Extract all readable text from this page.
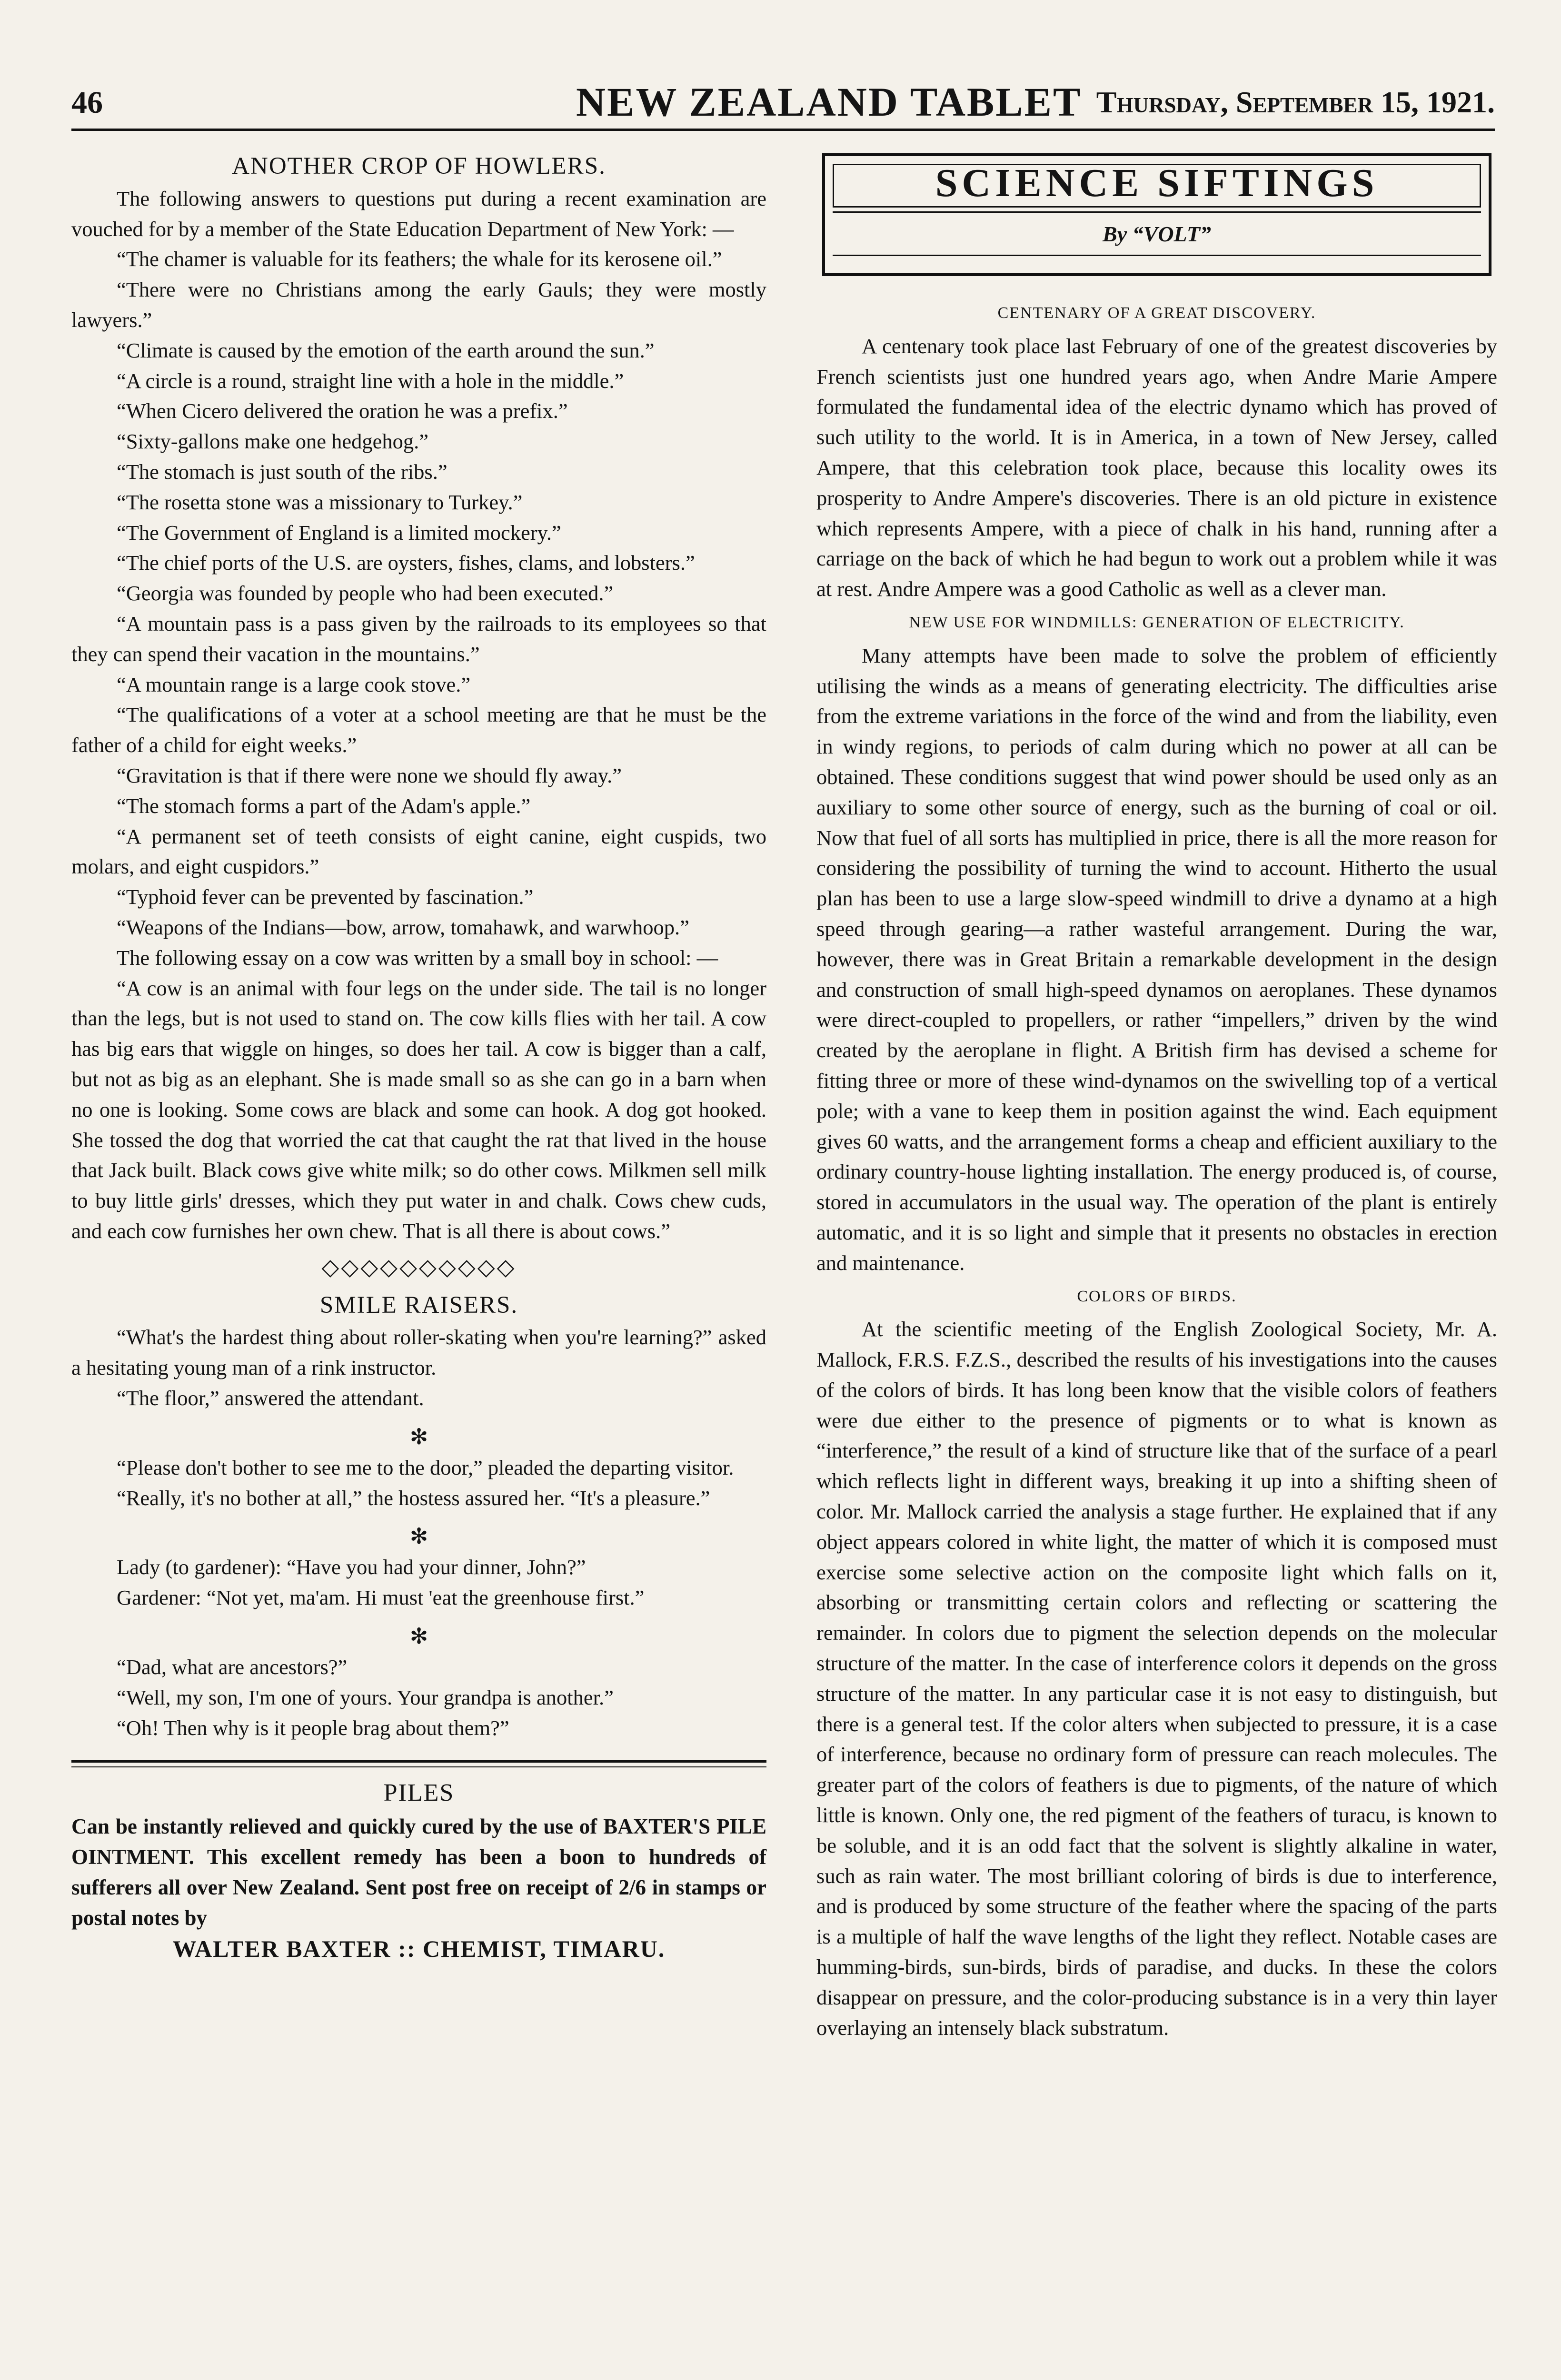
46	NEW ZEALAND TABLET Thursday, September 15, 1921.
ANOTHER CROP OF HOWLERS.

The following answers to questions put during a recent examination are vouched for by a member of the State Education Department of New York: —

“The chamer is valuable for its feathers; the whale for its kerosene oil.”

“There were no Christians among the early Gauls; they were mostly lawyers.”

“Climate is caused by the emotion of the earth around the sun.”

“A circle is a round, straight line with a hole in the middle.”

“When Cicero delivered the oration he was a prefix.”

“Sixty-gallons make one hedgehog.”

“The stomach is just south of the ribs.”

“The rosetta stone was a missionary to Turkey.”

“The Government of England is a limited mockery.”

“The chief ports of the U.S. are oysters, fishes, clams, and lobsters.”

“Georgia was founded by people who had been executed.”

“A mountain pass is a pass given by the railroads to its employees so that they can spend their vacation in the mountains.”

“A mountain range is a large cook stove.”

“The qualifications of a voter at a school meeting are that he must be the father of a child for eight weeks.”

“Gravitation is that if there were none we should fly away.”

“The stomach forms a part of the Adam's apple.”

“A permanent set of teeth consists of eight canine, eight cuspids, two molars, and eight cuspidors.”

“Typhoid fever can be prevented by fascination.”

“Weapons of the Indians—bow, arrow, tomahawk, and warwhoop.”

The following essay on a cow was written by a small boy in school: —

“A cow is an animal with four legs on the under side. The tail is no longer than the legs, but is not used to stand on. The cow kills flies with her tail. A cow has big ears that wiggle on hinges, so does her tail. A cow is bigger than a calf, but not as big as an elephant. She is made small so as she can go in a barn when no one is looking. Some cows are black and some can hook. A dog got hooked. She tossed the dog that worried the cat that caught the rat that lived in the house that Jack built. Black cows give white milk; so do other cows. Milkmen sell milk to buy little girls' dresses, which they put water in and chalk. Cows chew cuds, and each cow furnishes her own chew. That is all there is about cows.”

◇◇◇◇◇◇◇◇◇◇
SMILE RAISERS.

“What's the hardest thing about roller-skating when you're learning?” asked a hesitating young man of a rink instructor.

“The floor,” answered the attendant.

✻

“Please don't bother to see me to the door,” pleaded the departing visitor.

“Really, it's no bother at all,” the hostess assured her. “It's a pleasure.”

✻

Lady (to gardener): “Have you had your dinner, John?”

Gardener: “Not yet, ma'am. Hi must 'eat the greenhouse first.”

✻

“Dad, what are ancestors?”

“Well, my son, I'm one of yours. Your grandpa is another.”

“Oh! Then why is it people brag about them?”

PILES

Can be instantly relieved and quickly cured by the use of BAXTER'S PILE OINTMENT. This excellent remedy has been a boon to hundreds of sufferers all over New Zealand. Sent post free on receipt of 2/6 in stamps or postal notes by

WALTER BAXTER :: CHEMIST, TIMARU.
SCIENCE SIFTINGS
By “VOLT”
CENTENARY OF A GREAT DISCOVERY.

A centenary took place last February of one of the greatest discoveries by French scientists just one hundred years ago, when Andre Marie Ampere formulated the fundamental idea of the electric dynamo which has proved of such utility to the world. It is in America, in a town of New Jersey, called Ampere, that this celebration took place, because this locality owes its prosperity to Andre Ampere's discoveries. There is an old picture in existence which represents Ampere, with a piece of chalk in his hand, running after a carriage on the back of which he had begun to work out a problem while it was at rest. Andre Ampere was a good Catholic as well as a clever man.

NEW USE FOR WINDMILLS: GENERATION OF ELECTRICITY.

Many attempts have been made to solve the problem of efficiently utilising the winds as a means of generating electricity. The difficulties arise from the extreme variations in the force of the wind and from the liability, even in windy regions, to periods of calm during which no power at all can be obtained. These conditions suggest that wind power should be used only as an auxiliary to some other source of energy, such as the burning of coal or oil. Now that fuel of all sorts has multiplied in price, there is all the more reason for considering the possibility of turning the wind to account. Hitherto the usual plan has been to use a large slow-speed windmill to drive a dynamo at a high speed through gearing—a rather wasteful arrangement. During the war, however, there was in Great Britain a remarkable development in the design and construction of small high-speed dynamos on aeroplanes. These dynamos were direct-coupled to propellers, or rather “impellers,” driven by the wind created by the aeroplane in flight. A British firm has devised a scheme for fitting three or more of these wind-dynamos on the swivelling top of a vertical pole; with a vane to keep them in position against the wind. Each equipment gives 60 watts, and the arrangement forms a cheap and efficient auxiliary to the ordinary country-house lighting installation. The energy produced is, of course, stored in accumulators in the usual way. The operation of the plant is entirely automatic, and it is so light and simple that it presents no obstacles in erection and maintenance.

COLORS OF BIRDS.

At the scientific meeting of the English Zoological Society, Mr. A. Mallock, F.R.S. F.Z.S., described the results of his investigations into the causes of the colors of birds. It has long been know that the visible colors of feathers were due either to the presence of pigments or to what is known as “interference,” the result of a kind of structure like that of the surface of a pearl which reflects light in different ways, breaking it up into a shifting sheen of color. Mr. Mallock carried the analysis a stage further. He explained that if any object appears colored in white light, the matter of which it is composed must exercise some selective action on the composite light which falls on it, absorbing or transmitting certain colors and reflecting or scattering the remainder. In colors due to pigment the selection depends on the molecular structure of the matter. In the case of interference colors it depends on the gross structure of the matter. In any particular case it is not easy to distinguish, but there is a general test. If the color alters when subjected to pressure, it is a case of interference, because no ordinary form of pressure can reach molecules. The greater part of the colors of feathers is due to pigments, of the nature of which little is known. Only one, the red pigment of the feathers of turacu, is known to be soluble, and it is an odd fact that the solvent is slightly alkaline in water, such as rain water. The most brilliant coloring of birds is due to interference, and is produced by some structure of the feather where the spacing of the parts is a multiple of half the wave lengths of the light they reflect. Notable cases are humming-birds, sun-birds, birds of paradise, and ducks. In these the colors disappear on pressure, and the color-producing substance is in a very thin layer overlaying an intensely black substratum.
